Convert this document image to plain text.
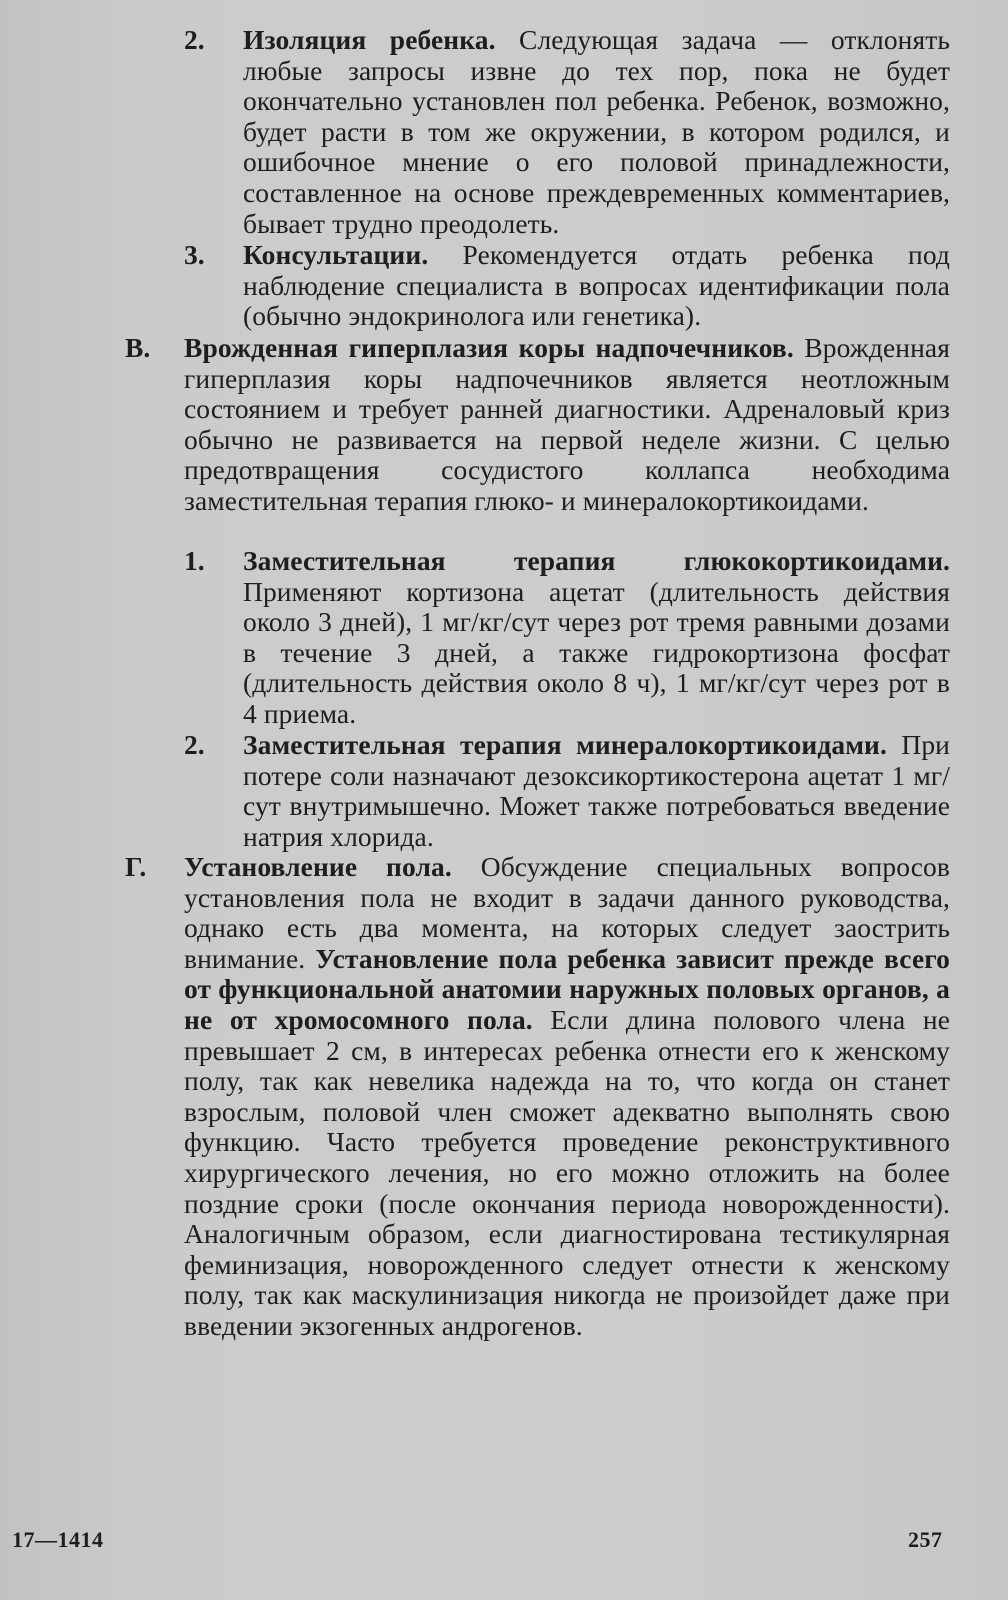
2. Изоляция ребенка. Следующая задача — отклонять любые запросы извне до тех пор, пока не будет окончательно установлен пол ребенка. Ребенок, возможно, будет расти в том же окружении, в котором родился, и ошибочное мнение о его половой принадлежности, составленное на основе преждевременных комментариев, бывает трудно преодолеть.
3. Консультации. Рекомендуется отдать ребенка под наблюдение специалиста в вопросах идентификации пола (обычно эндокринолога или генетика).
В. Врожденная гиперплазия коры надпочечников. Врожденная гиперплазия коры надпочечников является неотложным состоянием и требует ранней диагностики. Адреналовый криз обычно не развивается на первой неделе жизни. С целью предотвращения сосудистого коллапса необходима заместительная терапия глюко- и минералокортикоидами.
1. Заместительная терапия глюкокортикоидами. Применяют кортизона ацетат (длительность действия около 3 дней), 1 мг/кг/сут через рот тремя равными дозами в течение 3 дней, а также гидрокортизона фосфат (длительность действия около 8 ч), 1 мг/кг/сут через рот в 4 приема.
2. Заместительная терапия минералокортикоидами. При потере соли назначают дезоксикортикостерона ацетат 1 мг/сут внутримышечно. Может также потребоваться введение натрия хлорида.
Г. Установление пола. Обсуждение специальных вопросов установления пола не входит в задачи данного руководства, однако есть два момента, на которых следует заострить внимание. Установление пола ребенка зависит прежде всего от функциональной анатомии наружных половых органов, а не от хромосомного пола. Если длина полового члена не превышает 2 см, в интересах ребенка отнести его к женскому полу, так как невелика надежда на то, что когда он станет взрослым, половой член сможет адекватно выполнять свою функцию. Часто требуется проведение реконструктивного хирургического лечения, но его можно отложить на более поздние сроки (после окончания периода новорожденности). Аналогичным образом, если диагностирована тестикулярная феминизация, новорожденного следует отнести к женскому полу, так как маскулинизация никогда не произойдет даже при введении экзогенных андрогенов.
17—1414	257
